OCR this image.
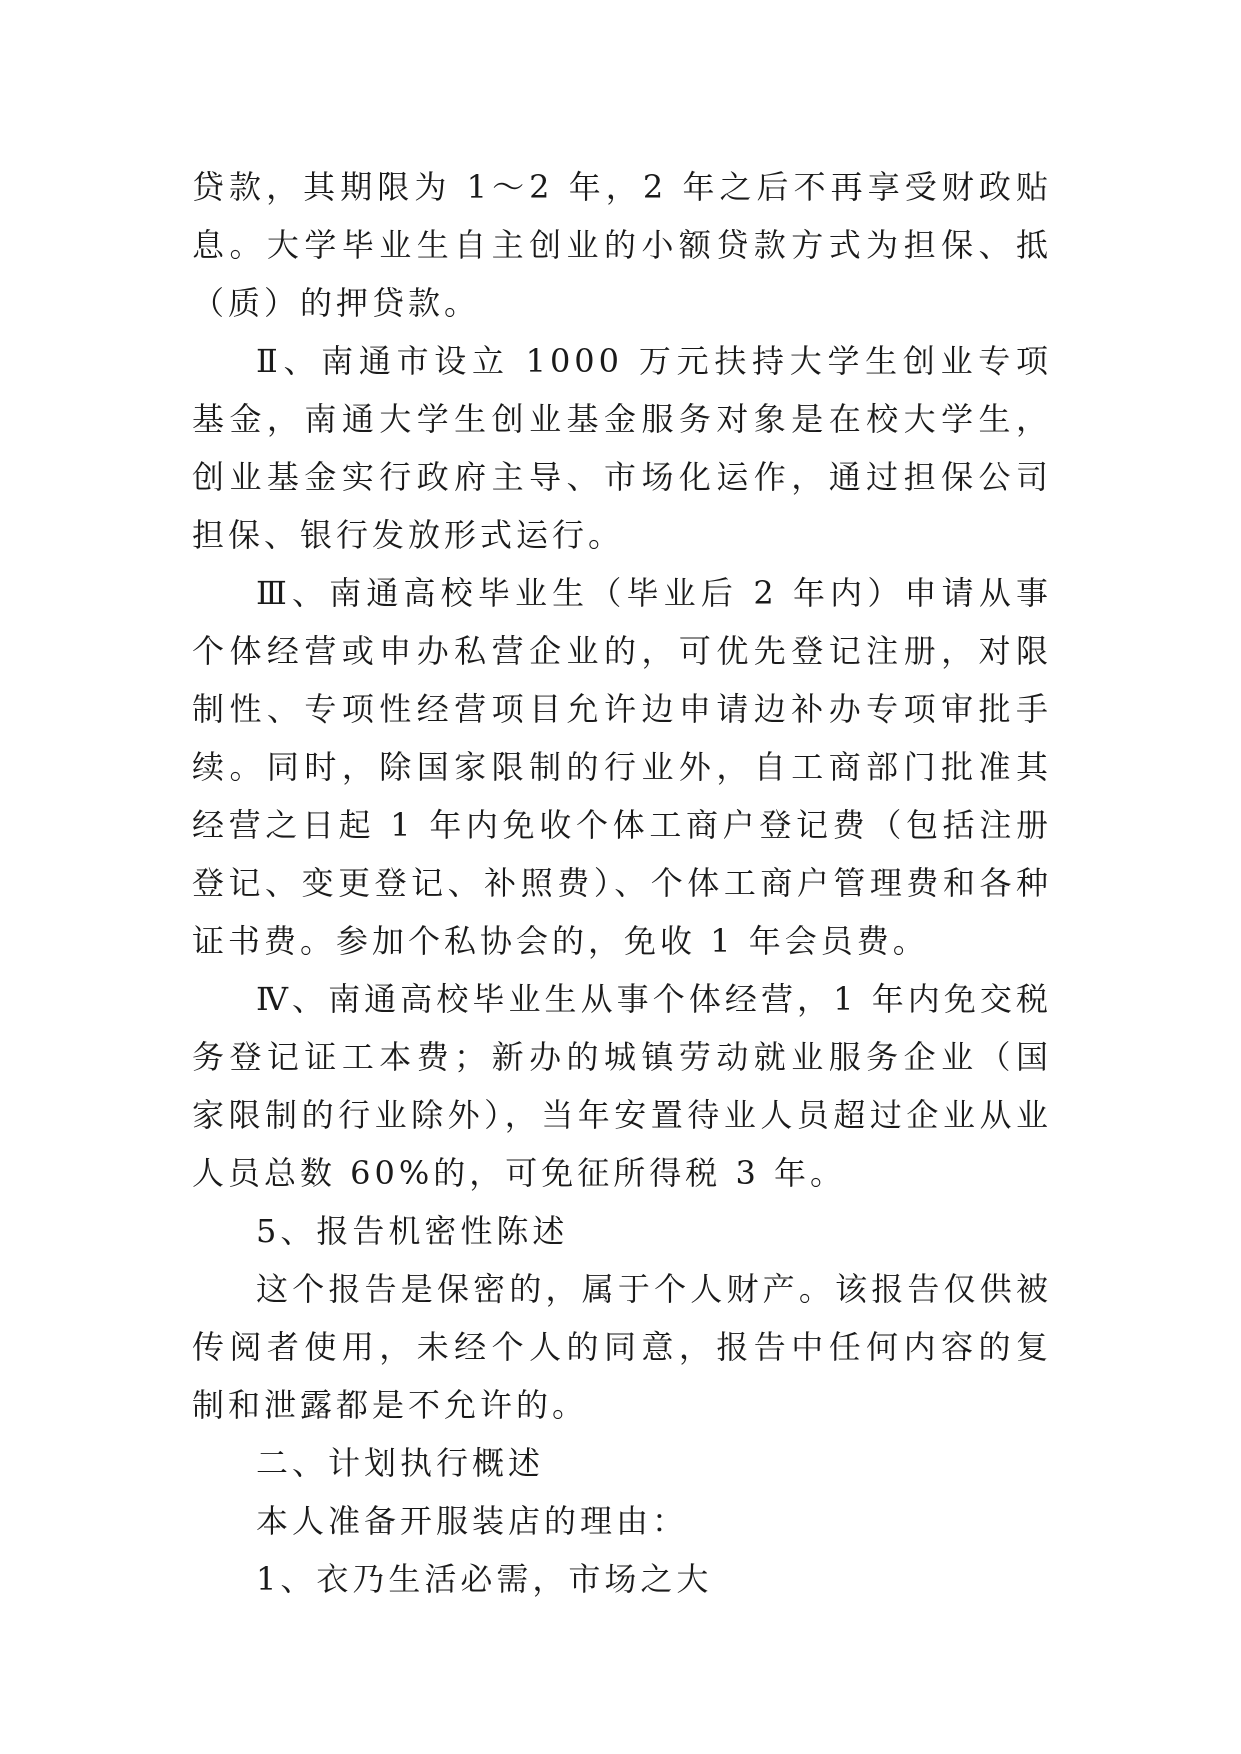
贷款，其期限为 1～2 年，2 年之后不再享受财政贴息。大学毕业生自主创业的小额贷款方式为担保、抵（质）的押贷款。

Ⅱ、南通市设立 1000 万元扶持大学生创业专项基金，南通大学生创业基金服务对象是在校大学生，创业基金实行政府主导、市场化运作，通过担保公司担保、银行发放形式运行。

Ⅲ、南通高校毕业生（毕业后 2 年内）申请从事个体经营或申办私营企业的，可优先登记注册，对限制性、专项性经营项目允许边申请边补办专项审批手续。同时，除国家限制的行业外，自工商部门批准其经营之日起 1 年内免收个体工商户登记费（包括注册登记、变更登记、补照费）、个体工商户管理费和各种证书费。参加个私协会的，免收 1 年会员费。

Ⅳ、南通高校毕业生从事个体经营，1 年内免交税务登记证工本费；新办的城镇劳动就业服务企业（国家限制的行业除外），当年安置待业人员超过企业从业人员总数 60%的，可免征所得税 3 年。

5、报告机密性陈述

这个报告是保密的，属于个人财产。该报告仅供被传阅者使用，未经个人的同意，报告中任何内容的复制和泄露都是不允许的。

二、计划执行概述

本人准备开服装店的理由：

1、衣乃生活必需，市场之大
